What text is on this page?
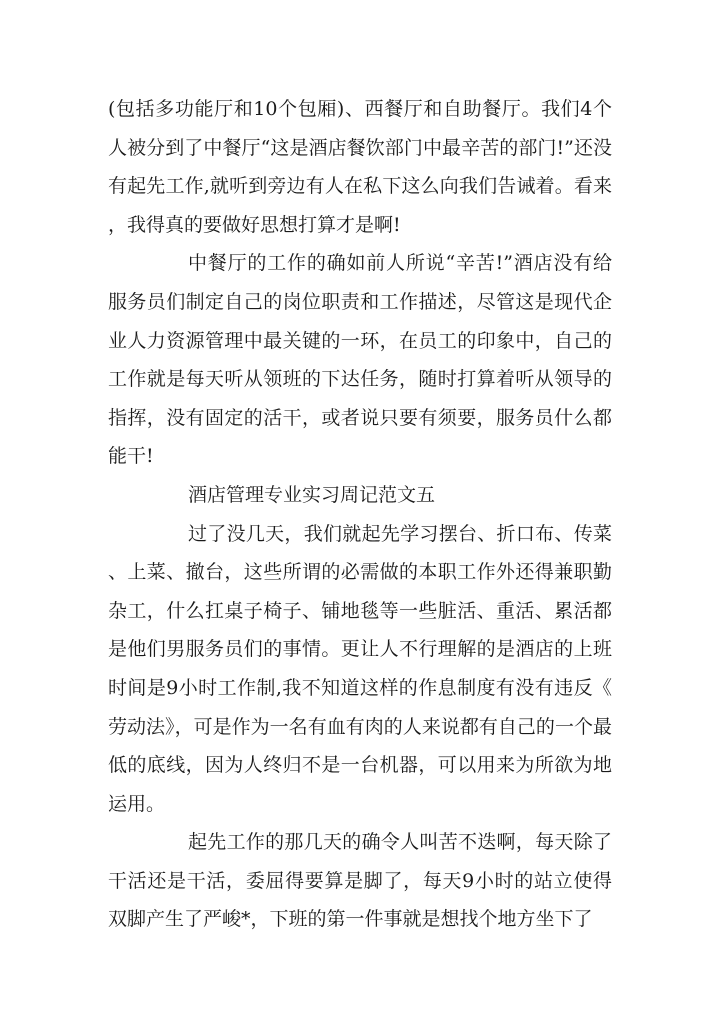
(包括多功能厅和10个包厢)、西餐厅和自助餐厅。我们4个人被分到了中餐厅“这是酒店餐饮部门中最辛苦的部门!”还没有起先工作,就听到旁边有人在私下这么向我们告诫着。看来，我得真的要做好思想打算才是啊!

中餐厅的工作的确如前人所说“辛苦!”酒店没有给服务员们制定自己的岗位职责和工作描述，尽管这是现代企业人力资源管理中最关键的一环，在员工的印象中，自己的工作就是每天听从领班的下达任务，随时打算着听从领导的指挥，没有固定的活干，或者说只要有须要，服务员什么都能干!

酒店管理专业实习周记范文五

过了没几天，我们就起先学习摆台、折口布、传菜、上菜、撤台，这些所谓的必需做的本职工作外还得兼职勤杂工，什么扛桌子椅子、铺地毯等一些脏活、重活、累活都是他们男服务员们的事情。更让人不行理解的是酒店的上班时间是9小时工作制,我不知道这样的作息制度有没有违反《劳动法》，可是作为一名有血有肉的人来说都有自己的一个最低的底线，因为人终归不是一台机器，可以用来为所欲为地运用。

起先工作的那几天的确令人叫苦不迭啊，每天除了干活还是干活，委屈得要算是脚了，每天9小时的站立使得双脚产生了严峻*，下班的第一件事就是想找个地方坐下了
